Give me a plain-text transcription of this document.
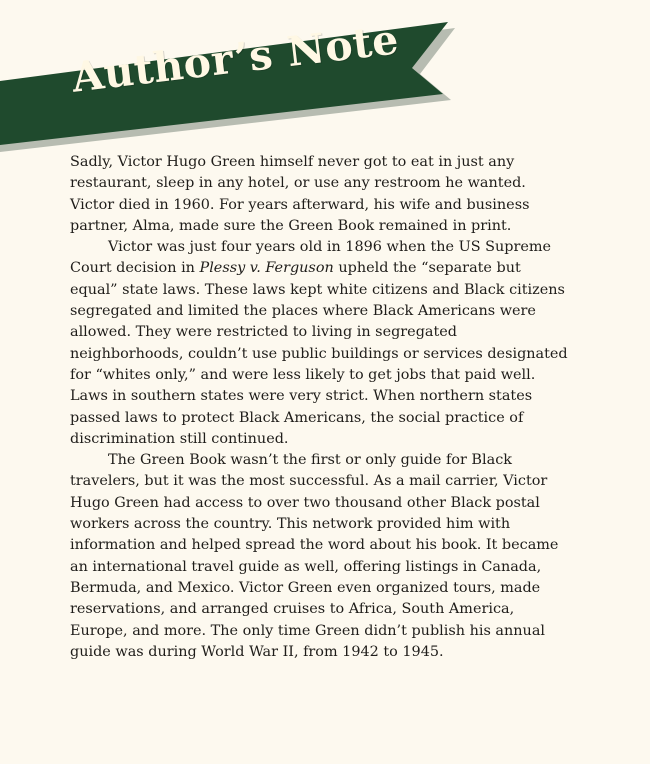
Author’s Note

Sadly, Victor Hugo Green himself never got to eat in just any restaurant, sleep in any hotel, or use any restroom he wanted. Victor died in 1960. For years afterward, his wife and business partner, Alma, made sure the Green Book remained in print.

Victor was just four years old in 1896 when the US Supreme Court decision in Plessy v. Ferguson upheld the “separate but equal” state laws. These laws kept white citizens and Black citizens segregated and limited the places where Black Americans were allowed. They were restricted to living in segregated neighborhoods, couldn’t use public buildings or services designated for “whites only,” and were less likely to get jobs that paid well. Laws in southern states were very strict. When northern states passed laws to protect Black Americans, the social practice of discrimination still continued.

The Green Book wasn’t the first or only guide for Black travelers, but it was the most successful. As a mail carrier, Victor Hugo Green had access to over two thousand other Black postal workers across the country. This network provided him with information and helped spread the word about his book. It became an international travel guide as well, offering listings in Canada, Bermuda, and Mexico. Victor Green even organized tours, made reservations, and arranged cruises to Africa, South America, Europe, and more. The only time Green didn’t publish his annual guide was during World War II, from 1942 to 1945.
